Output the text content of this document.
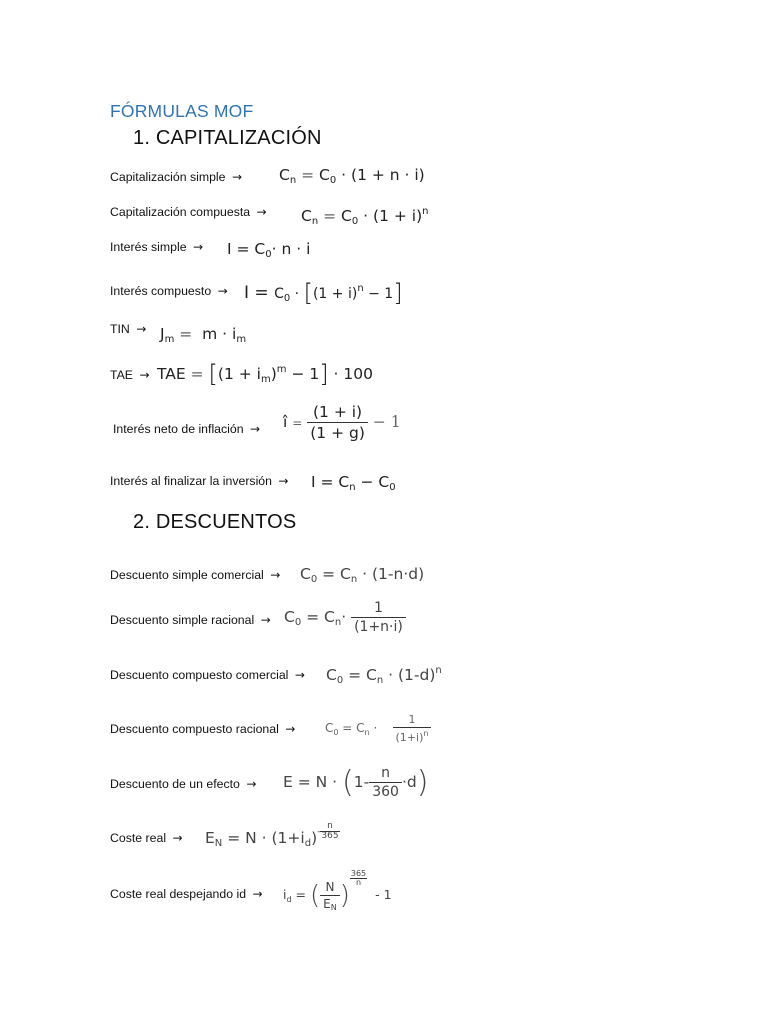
FÓRMULAS MOF
1. CAPITALIZACIÓN
Capitalización simple → $C_n = C_0 \cdot (1 + n \cdot i)$
Capitalización compuesta → $C_n = C_0 \cdot (1 + i)^n$
Interés simple → $I = C_0\cdot n \cdot i$
Interés compuesto → $I = C_0 \cdot [(1 + i)^n - 1]$
TIN → $J_m = m \cdot i_m$
TAE → TAE = $[(1 + i_m)^m - 1] \cdot 100$
Interés neto de inflación → î = $\frac{(1 + i)}{(1 + g)} - 1$
Interés al finalizar la inversión → $I = C_n - C_0$
2. DESCUENTOS
Descuento simple comercial → $C_0 = C_n \cdot (1-n\cdot d)$
Descuento simple racional → $C_0 = C_n\cdot \frac{1}{(1+n\cdot i)}$
Descuento compuesto comercial → $C_0 = C_n \cdot (1-d)^n$
Descuento compuesto racional → $C_0 = C_n \cdot \frac{1}{(1+i)^n}$
Descuento de un efecto → $E = N \cdot (1- \frac{n}{360} \cdot d)$
Coste real → $E_N = N \cdot (1+i_d)- \frac{n}{365}$
Coste real despejando id → $i_d$ = ( $\frac{N}{E_N}$ )
$\frac{365}{n}$
- 1
